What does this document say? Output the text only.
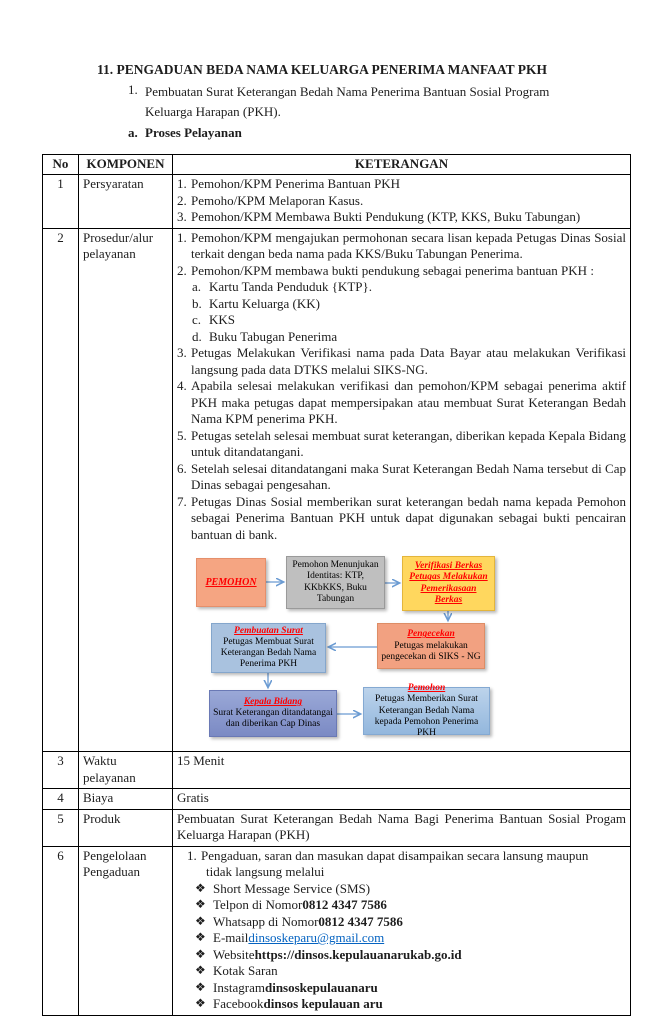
11. PENGADUAN BEDA NAMA KELUARGA PENERIMA MANFAAT PKH
1. Pembuatan Surat Keterangan Bedah Nama Penerima Bantuan Sosial Program Keluarga Harapan (PKH).
a. Proses Pelayanan
No	KOMPONEN	KETERANGAN
1	Persyaratan	1. Pemohon/KPM Penerima Bantuan PKH
2. Pemoho/KPM Melaporan Kasus.
3. Pemohon/KPM Membawa Bukti Pendukung (KTP, KKS, Buku Tabungan)

2	Prosedur/alur pelayanan	
1. Pemohon/KPM mengajukan permohonan secara lisan kepada Petugas Dinas Sosial terkait dengan beda nama pada KKS/Buku Tabungan Penerima.
2. Pemohon/KPM membawa bukti pendukung sebagai penerima bantuan PKH :
a. Kartu Tanda Penduduk {KTP}.
b. Kartu Keluarga (KK)
c. KKS
d. Buku Tabugan Penerima
3. Petugas Melakukan Verifikasi nama pada Data Bayar atau melakukan Verifikasi langsung pada data DTKS melalui SIKS-NG.
4. Apabila selesai melakukan verifikasi dan pemohon/KPM sebagai penerima aktif PKH maka petugas dapat mempersipakan atau membuat Surat Keterangan Bedah Nama KPM penerima PKH.
5. Petugas setelah selesai membuat surat keterangan, diberikan kepada Kepala Bidang untuk ditandatangani.
6. Setelah selesai ditandatangani maka Surat Keterangan Bedah Nama tersebut di Cap Dinas sebagai pengesahan.
7. Petugas Dinas Sosial memberikan surat keterangan bedah nama kepada Pemohon sebagai Penerima Bantuan PKH untuk dapat digunakan sebagai bukti pencairan bantuan di bank.
PEMOHON
Pemohon Menunjukan Identitas: KTP, KKbKKS, Buku Tabungan
Verifikasi Berkas Petugas Melakukan Pemerikasaan Berkas
Pembuatan Surat
Petugas Membuat Surat Keterangan Bedah Nama Penerima PKH
Pengecekan
Petugas melakukan pengecekan di SIKS - NG
Kepala Bidang
Surat Keterangan ditandatangai dan diberikan Cap Dinas
Pemohon
Petugas Memberikan Surat Keterangan Bedah Nama kepada Pemohon Penerima PKH

3	Waktu pelayanan	15 Menit
4	Biaya	Gratis
5	Produk	Pembuatan Surat Keterangan Bedah Nama Bagi Penerima Bantuan Sosial Progam Keluarga Harapan (PKH)
6	Pengelolaan Pengaduan	
1. Pengaduan, saran dan masukan dapat disampaikan secara lansung maupun
tidak langsung melalui
❖ Short Message Service (SMS)
❖ Telpon di Nomor 0812 4347 7586
❖ Whatsapp di Nomor 0812 4347 7586
❖ E-mail dinsoskeparu@gmail.com
❖ Website https://dinsos.kepulauanarukab.go.id
❖ Kotak Saran
❖ Instagram dinsoskepulauanaru
❖ Facebook dinsos kepulauan aru
